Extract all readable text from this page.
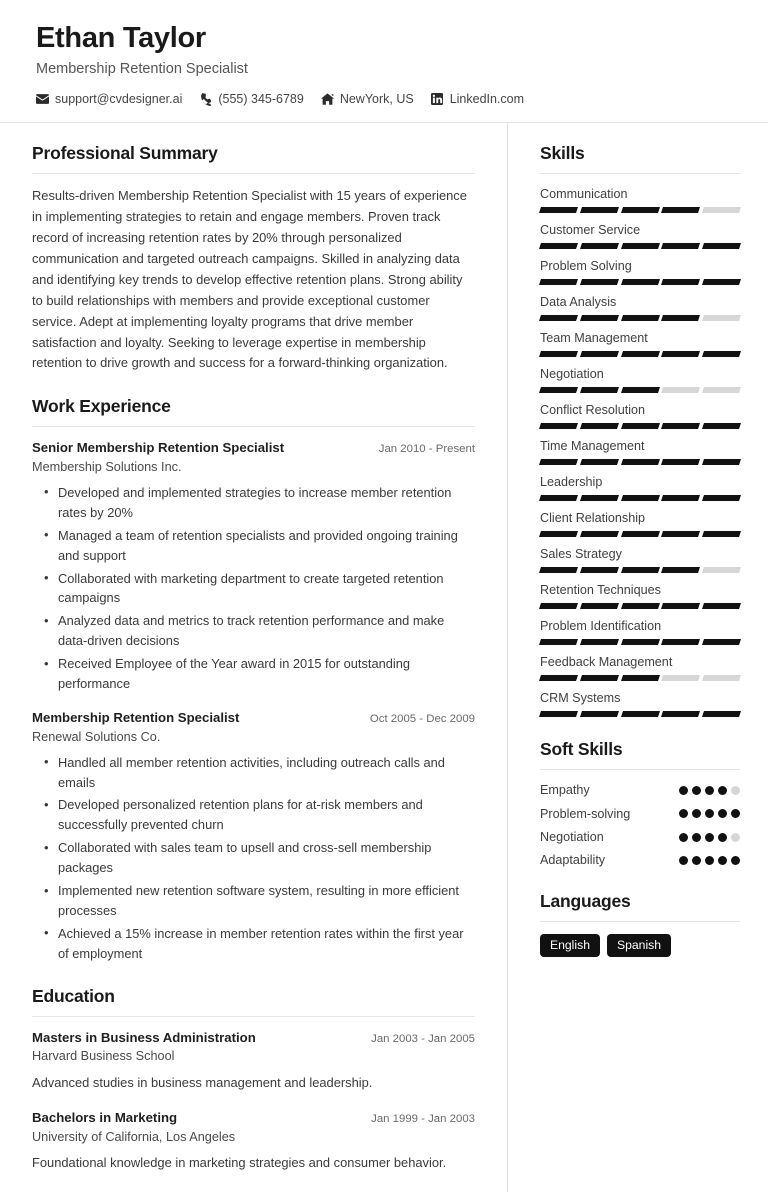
Ethan Taylor
Membership Retention Specialist
support@cvdesigner.ai	(555) 345-6789	NewYork, US	LinkedIn.com
Professional Summary
Results-driven Membership Retention Specialist with 15 years of experience in implementing strategies to retain and engage members. Proven track record of increasing retention rates by 20% through personalized communication and targeted outreach campaigns. Skilled in analyzing data and identifying key trends to develop effective retention plans. Strong ability to build relationships with members and provide exceptional customer service. Adept at implementing loyalty programs that drive member satisfaction and loyalty. Seeking to leverage expertise in membership retention to drive growth and success for a forward-thinking organization.
Work Experience
Senior Membership Retention Specialist	Jan 2010 - Present
Membership Solutions Inc.
• Developed and implemented strategies to increase member retention rates by 20%
• Managed a team of retention specialists and provided ongoing training and support
• Collaborated with marketing department to create targeted retention campaigns
• Analyzed data and metrics to track retention performance and make data-driven decisions
• Received Employee of the Year award in 2015 for outstanding performance
Membership Retention Specialist	Oct 2005 - Dec 2009
Renewal Solutions Co.
• Handled all member retention activities, including outreach calls and emails
• Developed personalized retention plans for at-risk members and successfully prevented churn
• Collaborated with sales team to upsell and cross-sell membership packages
• Implemented new retention software system, resulting in more efficient processes
• Achieved a 15% increase in member retention rates within the first year of employment
Education
Masters in Business Administration	Jan 2003 - Jan 2005
Harvard Business School
Advanced studies in business management and leadership.
Bachelors in Marketing	Jan 1999 - Jan 2003
University of California, Los Angeles
Foundational knowledge in marketing strategies and consumer behavior.
Skills
Communication
Customer Service
Problem Solving
Data Analysis
Team Management
Negotiation
Conflict Resolution
Time Management
Leadership
Client Relationship
Sales Strategy
Retention Techniques
Problem Identification
Feedback Management
CRM Systems
Soft Skills
Empathy
Problem-solving
Negotiation
Adaptability
Languages
English	Spanish
